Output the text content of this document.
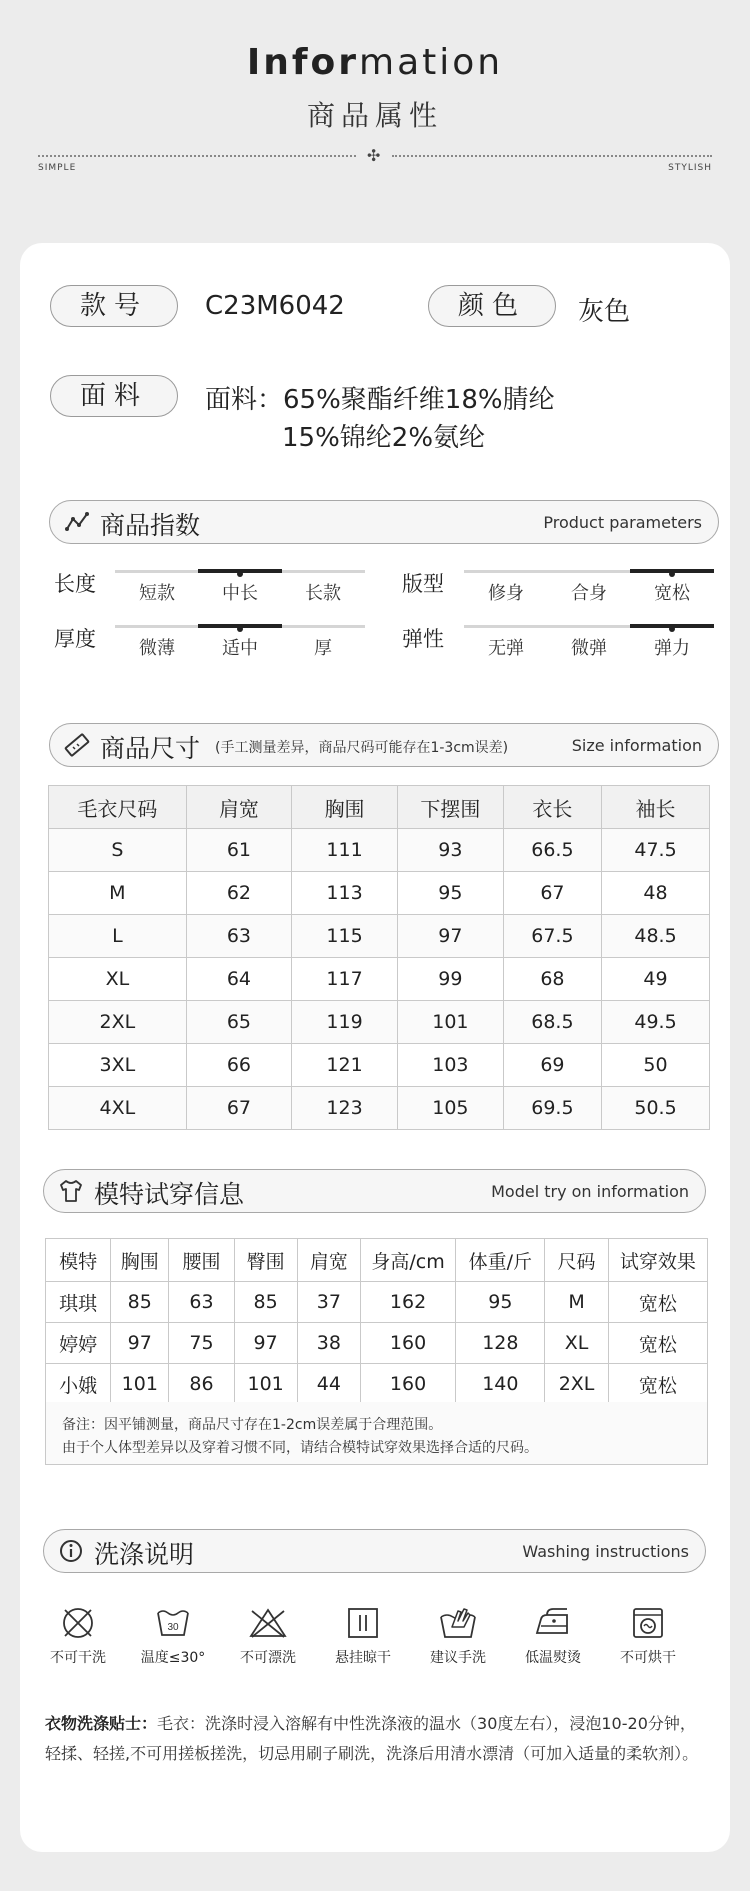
Information
商品属性
✣
SIMPLE	STYLISH
款号	C23M6042	颜色	灰色
面料	面料：65%聚酯纤维18%腈纶
15%锦纶2%氨纶
商品指数	Product parameters
长度	短款	中长	长款	版型	修身	合身	宽松
厚度	微薄	适中	厚	弹性	无弹	微弹	弹力
商品尺寸 (手工测量差异，商品尺码可能存在1-3cm误差)	Size information
毛衣尺码	肩宽	胸围	下摆围	衣长	袖长
S	61	111	93	66.5	47.5
M	62	113	95	67	48
L	63	115	97	67.5	48.5
XL	64	117	99	68	49
2XL	65	119	101	68.5	49.5
3XL	66	121	103	69	50
4XL	67	123	105	69.5	50.5
模特试穿信息	Model try on information
模特	胸围	腰围	臀围	肩宽	身高/cm	体重/斤	尺码	试穿效果
琪琪	85	63	85	37	162	95	M	宽松
婷婷	97	75	97	38	160	128	XL	宽松
小娥	101	86	101	44	160	140	2XL	宽松
备注：因平铺测量，商品尺寸存在1-2cm误差属于合理范围。
由于个人体型差异以及穿着习惯不同，请结合模特试穿效果选择合适的尺码。
洗涤说明	Washing instructions
不可干洗
30
温度≤30°	不可漂洗	悬挂晾干	建议手洗	低温熨烫	不可烘干
衣物洗涤贴士：毛衣：洗涤时浸入溶解有中性洗涤液的温水（30度左右），浸泡10-20分钟，轻揉、轻搓,不可用搓板搓洗，切忌用刷子刷洗，洗涤后用清水漂清（可加入适量的柔软剂）。
